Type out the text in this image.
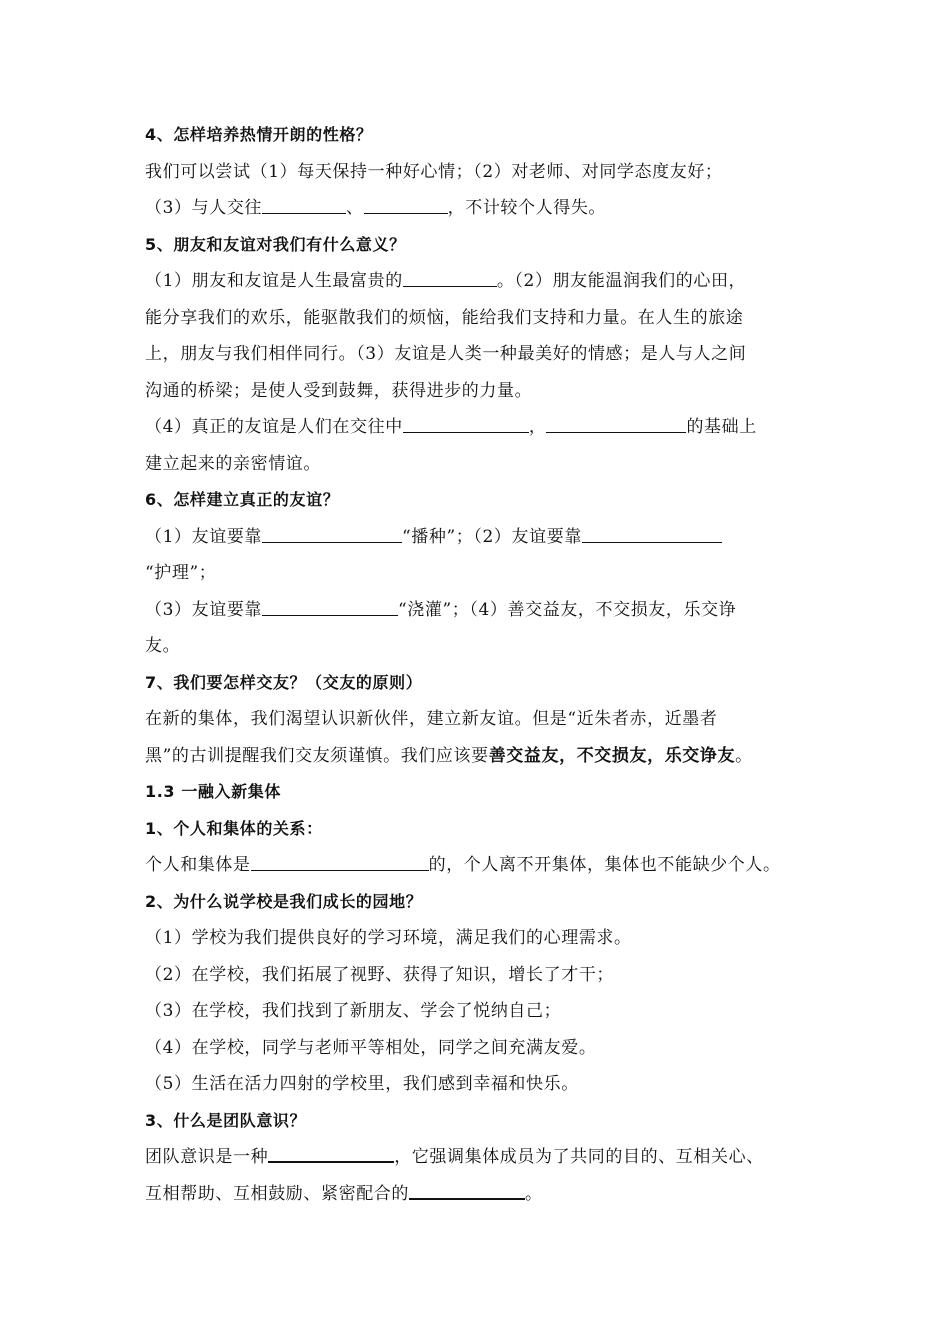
4、怎样培养热情开朗的性格？
我们可以尝试（1）每天保持一种好心情；（2）对老师、对同学态度友好；
（3）与人交往	、	，不计较个人得失。
5、朋友和友谊对我们有什么意义？
（1）朋友和友谊是人生最富贵的	。（2）朋友能温润我们的心田，
能分享我们的欢乐，能驱散我们的烦恼，能给我们支持和力量。在人生的旅途
上，朋友与我们相伴同行。（3）友谊是人类一种最美好的情感；是人与人之间
沟通的桥梁；是使人受到鼓舞，获得进步的力量。
（4）真正的友谊是人们在交往中	，	的基础上
建立起来的亲密情谊。
6、怎样建立真正的友谊？
（1）友谊要靠	“播种”；（2）友谊要靠
“护理”；
（3）友谊要靠	“浇灌”；（4）善交益友，不交损友，乐交诤
友。
7、我们要怎样交友？（交友的原则）
在新的集体，我们渴望认识新伙伴，建立新友谊。但是“近朱者赤，近墨者
黑”的古训提醒我们交友须谨慎。我们应该要善交益友，不交损友，乐交诤友。
1.3 一融入新集体
1、个人和集体的关系：
个人和集体是	的，个人离不开集体，集体也不能缺少个人。
2、为什么说学校是我们成长的园地？
（1）学校为我们提供良好的学习环境，满足我们的心理需求。
（2）在学校，我们拓展了视野、获得了知识，增长了才干；
（3）在学校，我们找到了新朋友、学会了悦纳自己；
（4）在学校，同学与老师平等相处，同学之间充满友爱。
（5）生活在活力四射的学校里，我们感到幸福和快乐。
3、什么是团队意识？
团队意识是一种	，它强调集体成员为了共同的目的、互相关心、
互相帮助、互相鼓励、紧密配合的	。
